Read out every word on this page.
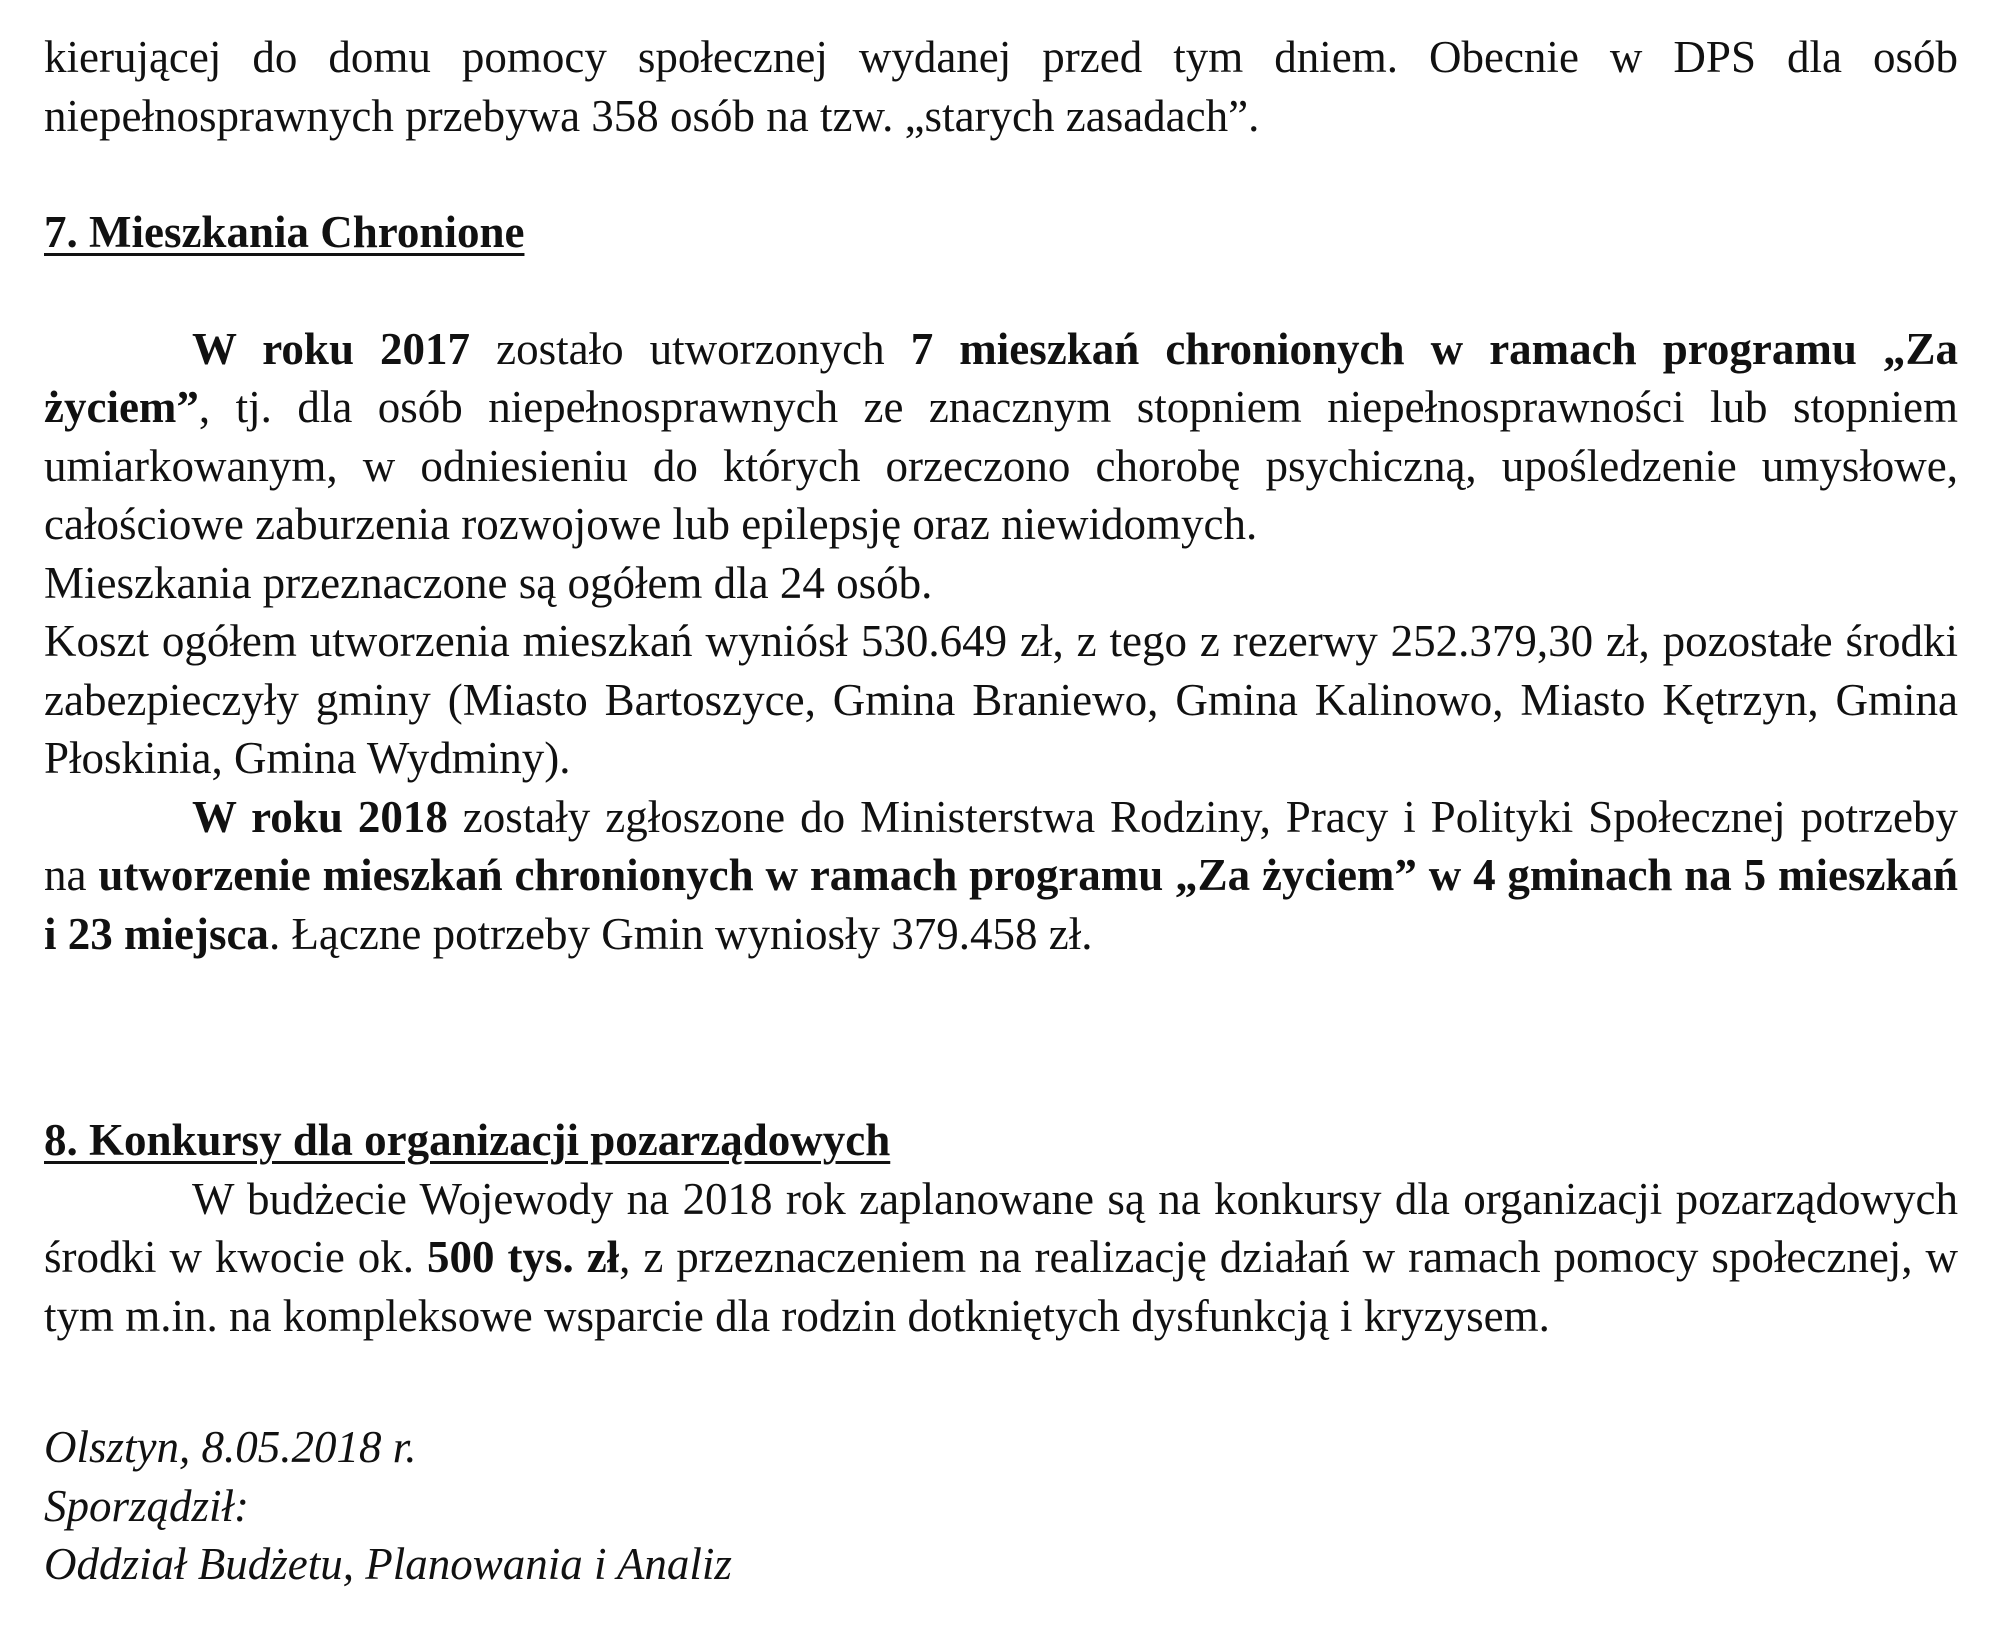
kierującej do domu pomocy społecznej wydanej przed tym dniem. Obecnie w DPS dla osób niepełnosprawnych przebywa 358 osób na tzw. „starych zasadach”.

7. Mieszkania Chronione

W roku 2017 zostało utworzonych 7 mieszkań chronionych w ramach programu „Za życiem”, tj. dla osób niepełnosprawnych ze znacznym stopniem niepełnosprawności lub stopniem umiarkowanym, w odniesieniu do których orzeczono chorobę psychiczną, upośledzenie umysłowe, całościowe zaburzenia rozwojowe lub epilepsję oraz niewidomych.

Mieszkania przeznaczone są ogółem dla 24 osób.

Koszt ogółem utworzenia mieszkań wyniósł 530.649 zł, z tego z rezerwy 252.379,30 zł, pozostałe środki zabezpieczyły gminy (Miasto Bartoszyce, Gmina Braniewo, Gmina Kalinowo, Miasto Kętrzyn, Gmina Płoskinia, Gmina Wydminy).

W roku 2018 zostały zgłoszone do Ministerstwa Rodziny, Pracy i Polityki Społecznej potrzeby na utworzenie mieszkań chronionych w ramach programu „Za życiem” w 4 gminach na 5 mieszkań i 23 miejsca. Łączne potrzeby Gmin wyniosły 379.458 zł.

8. Konkursy dla organizacji pozarządowych

W budżecie Wojewody na 2018 rok zaplanowane są na konkursy dla organizacji pozarządowych środki w kwocie ok. 500 tys. zł, z przeznaczeniem na realizację działań w ramach pomocy społecznej, w tym m.in. na kompleksowe wsparcie dla rodzin dotkniętych dysfunkcją i kryzysem.

Olsztyn, 8.05.2018 r.

Sporządził:

Oddział Budżetu, Planowania i Analiz
